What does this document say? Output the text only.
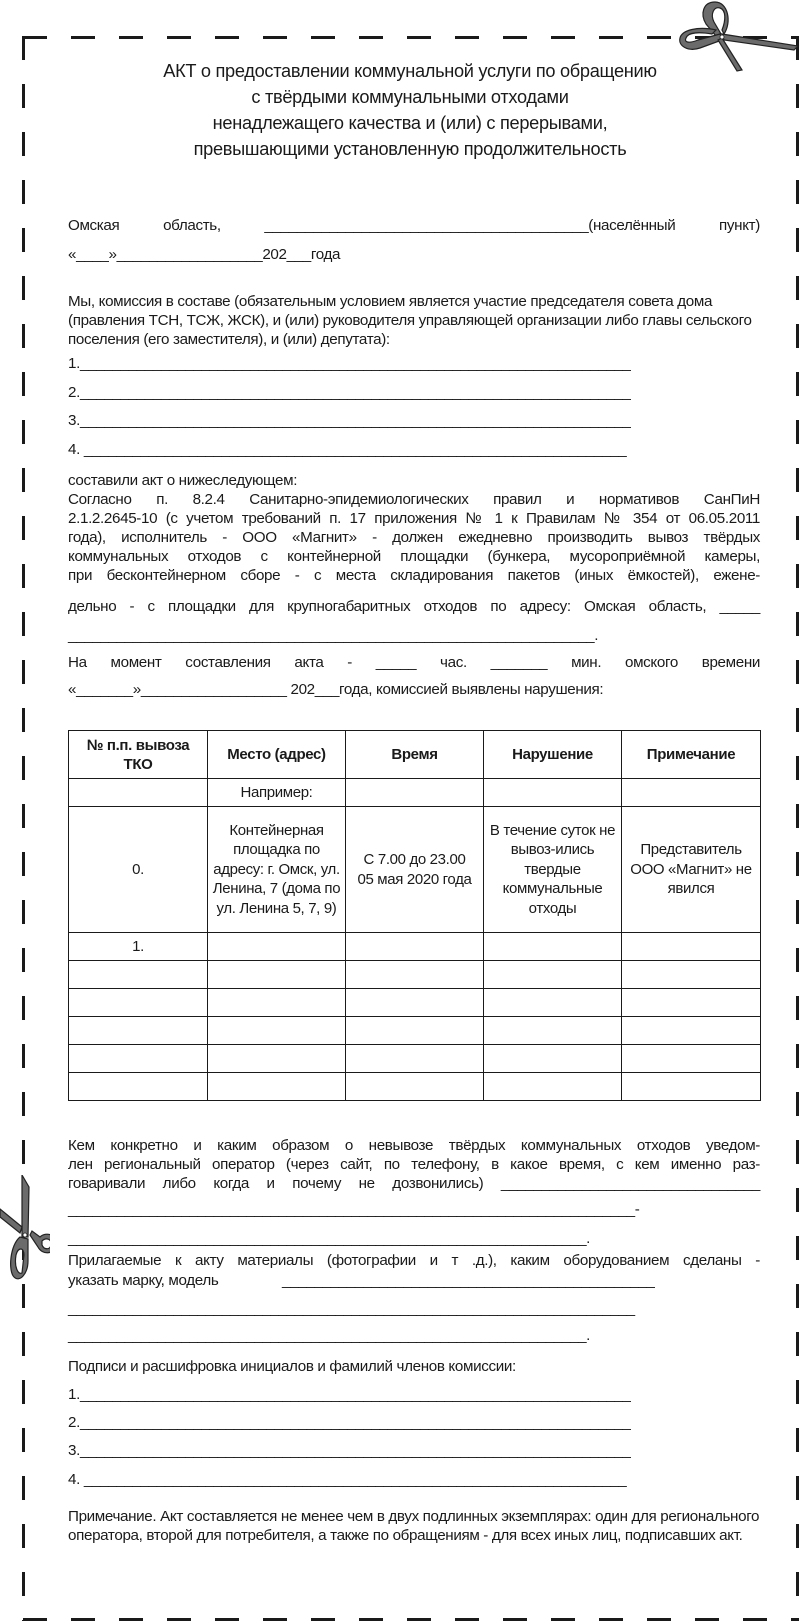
АКТ о предоставлении коммунальной услуги по обращению
с твёрдыми коммунальными отходами
ненадлежащего качества и (или) с перерывами,
превышающими установленную продолжительность
Омская область, ________________________________________(населённый пункт)
«____»__________________202___года
Мы, комиссия в составе (обязательным условием является участие председателя совета дома (правления ТСН, ТСЖ, ЖСК), и (или) руководителя управляющей организации либо главы сельского поселения (его заместителя), и (или) депутата):
1.____________________________________________________________________
2.____________________________________________________________________
3.____________________________________________________________________
4. ___________________________________________________________________
составили акт о нижеследующем:
Согласно п. 8.2.4 Санитарно-эпидемиологических правил и нормативов СанПиН
2.1.2.2645-10 (с учетом требований п. 17 приложения № 1 к Правилам № 354 от 06.05.2011
года), исполнитель - ООО «Магнит» - должен ежедневно производить вывоз твёрдых
коммунальных отходов с контейнерной площадки (бункера, мусороприёмной камеры,
при бесконтейнерном сборе - с места складирования пакетов (иных ёмкостей), ежене-
дельно - с площадки для крупногабаритных отходов по адресу: Омская область, _____
_________________________________________________________________.
На момент составления акта - _____ час. _______ мин. омского времени
«_______»__________________ 202___года, комиссией выявлены нарушения:
№ п.п. вывоза ТКО	Место (адрес)	Время	Нарушение	Примечание
	Например:			
0.	Контейнерная площадка по адресу: г. Омск, ул. Ленина, 7 (дома по ул. Ленина 5, 7, 9)	С 7.00 до 23.00 05 мая 2020 года	В течение суток не вывоз-ились твердые коммунальные отходы	Представитель ООО «Магнит» не явился
1.				

Кем конкретно и каким образом о невывозе твёрдых коммунальных отходов уведом-
лен региональный оператор (через сайт, по телефону, в какое время, с кем именно раз-
говаривали либо когда и почему не дозвонились) ________________________________
______________________________________________________________________-
________________________________________________________________.
Прилагаемые к акту материалы (фотографии и т .д.), каким оборудованием сделаны -
указать марку, модель	______________________________________________
______________________________________________________________________
________________________________________________________________.
Подписи и расшифровка инициалов и фамилий членов комиссии:
1.____________________________________________________________________
2.____________________________________________________________________
3.____________________________________________________________________
4. ___________________________________________________________________
Примечание. Акт составляется не менее чем в двух подлинных экземплярах: один для регионального оператора, второй для потребителя, а также по обращениям - для всех иных лиц, подписавших акт.
